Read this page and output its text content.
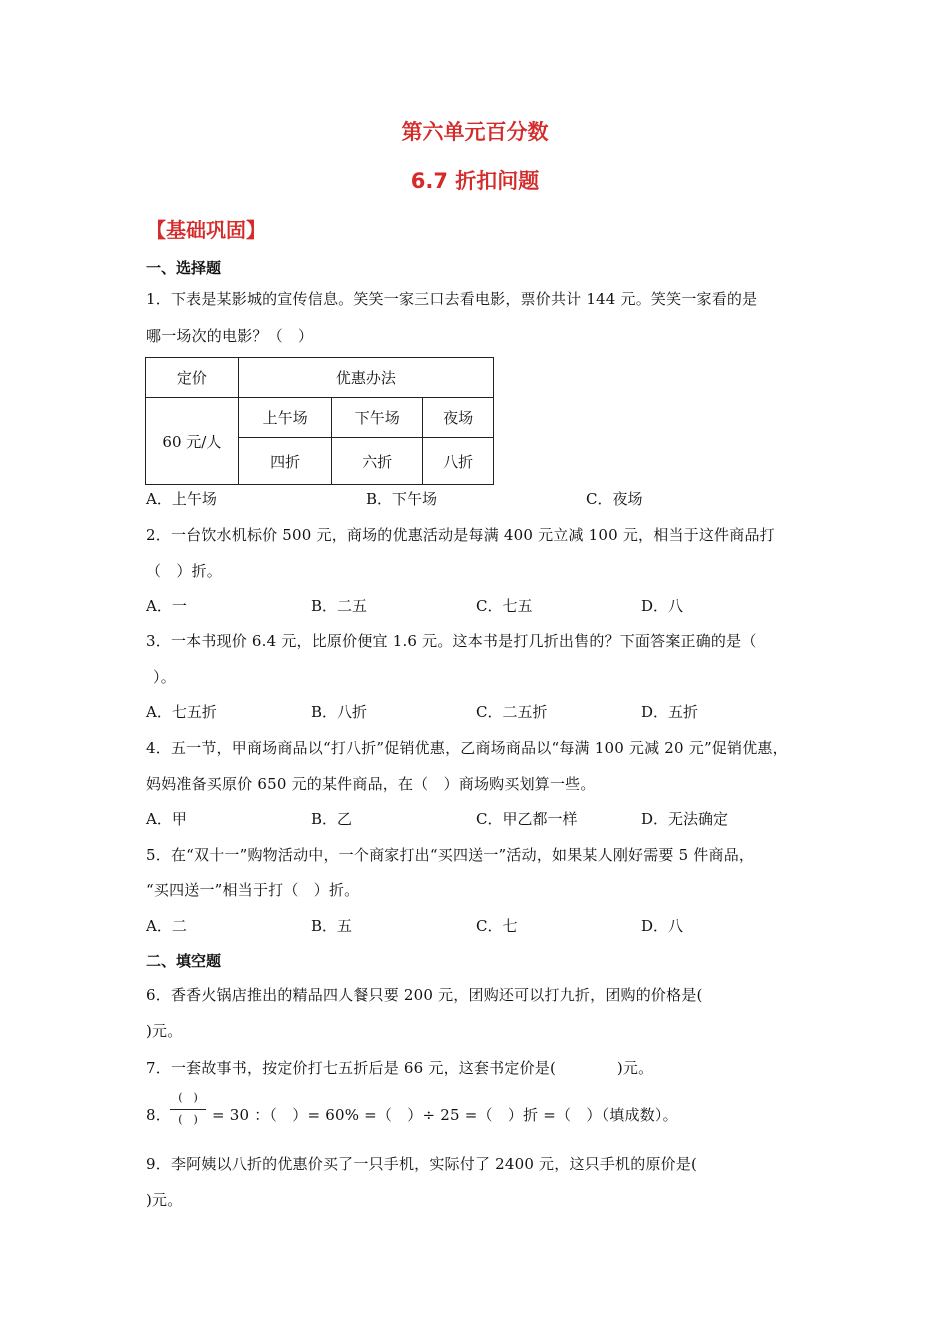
第六单元百分数
6.7 折扣问题
【基础巩固】
一、选择题
1．下表是某影城的宣传信息。笑笑一家三口去看电影，票价共计 144 元。笑笑一家看的是
哪一场次的电影？（　）
定价	优惠办法		
60 元/人	上午场	下午场	夜场
	四折	六折	八折
A．上午场	B．下午场	C．夜场
2．一台饮水机标价 500 元，商场的优惠活动是每满 400 元立减 100 元，相当于这件商品打
（　）折。
A．一	B．二五	C．七五	D．八
3．一本书现价 6.4 元，比原价便宜 1.6 元。这本书是打几折出售的？下面答案正确的是（
）。
A．七五折	B．八折	C．二五折	D．五折
4．五一节，甲商场商品以“打八折”促销优惠，乙商场商品以“每满 100 元减 20 元”促销优惠，
妈妈准备买原价 650 元的某件商品，在（　）商场购买划算一些。
A．甲	B．乙	C．甲乙都一样	D．无法确定
5．在“双十一”购物活动中，一个商家打出“买四送一”活动，如果某人刚好需要 5 件商品，
“买四送一”相当于打（　）折。
A．二	B．五	C．七	D．八
二、填空题
6．香香火锅店推出的精品四人餐只要 200 元，团购还可以打九折，团购的价格是(
)元。
7．一套故事书，按定价打七五折后是 66 元，这套书定价是(　　　　)元。
8．
(　)
(　) = 30 ：（　）= 60% =（　）÷ 25 =（　）折 =（　）（填成数）。
9．李阿姨以八折的优惠价买了一只手机，实际付了 2400 元，这只手机的原价是(
)元。
